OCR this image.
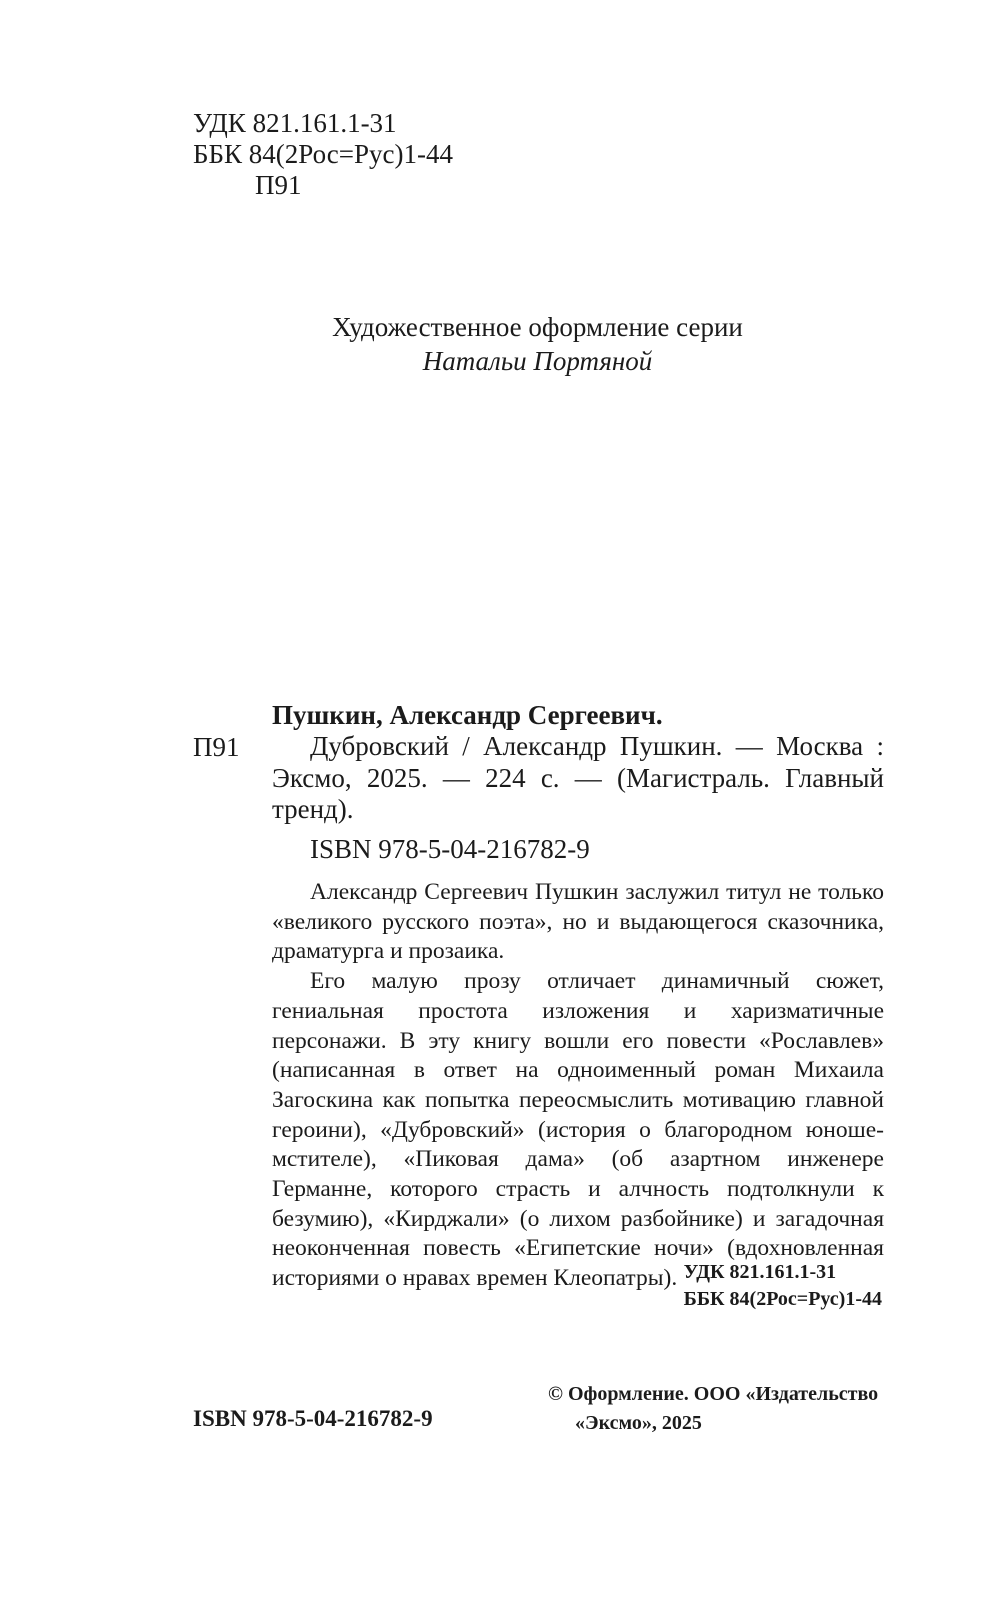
УДК 821.161.1-31
ББК 84(2Рос=Рус)1-44
П91
Художественное оформление серии
Натальи Портяной
Пушкин, Александр Сергеевич.
П91	Дубровский / Александр Пушкин. — Москва : Эксмо, 2025. — 224 с. — (Магистраль. Главный тренд).

ISBN 978-5-04-216782-9

Александр Сергеевич Пушкин заслужил титул не только «великого русского поэта», но и выдающегося сказочника, драматурга и прозаика.

Его малую прозу отличает динамичный сюжет, гениальная простота изложения и харизматичные персонажи. В эту книгу вошли его повести «Рославлев» (написанная в ответ на одноименный роман Михаила Загоскина как попытка переосмыслить мотивацию главной героини), «Дубровский» (история о благородном юноше-мстителе), «Пиковая дама» (об азартном инженере Германне, которого страсть и алчность подтолкнули к безумию), «Кирджали» (о лихом разбойнике) и загадочная неоконченная повесть «Египетские ночи» (вдохновленная историями о нравах времен Клеопатры). УДК 821.161.1-31
ББК 84(2Рос=Рус)1-44
ISBN 978-5-04-216782-9
© Оформление. ООО «Издательство
«Эксмо», 2025
